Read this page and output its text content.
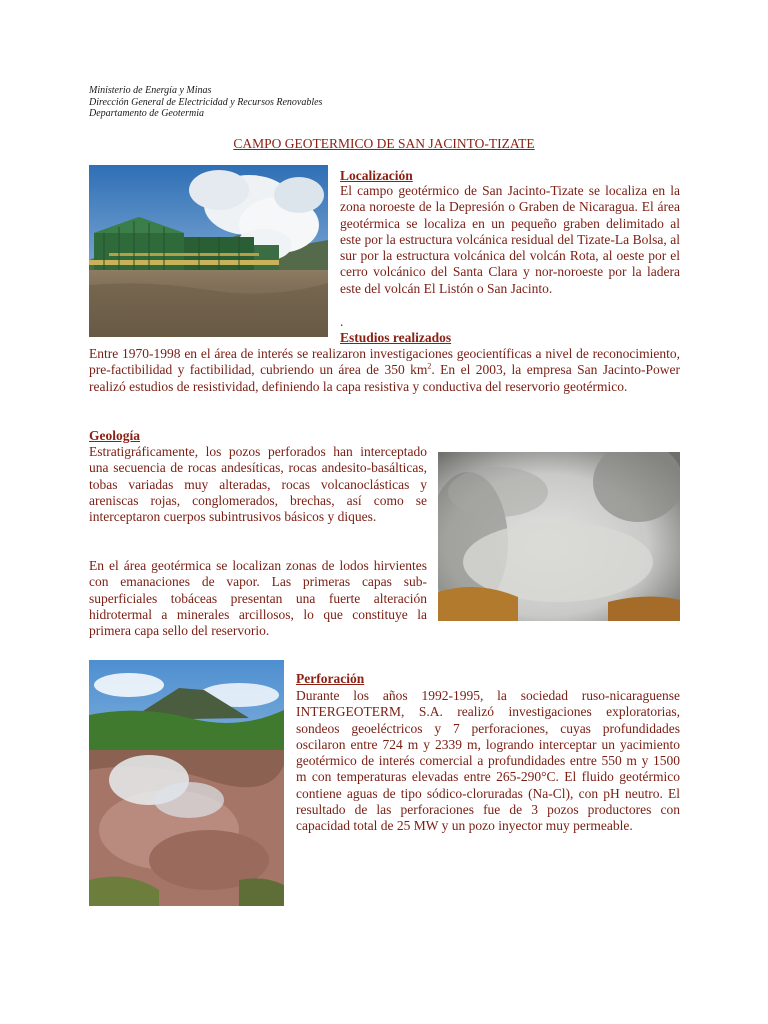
Ministerio de Energía y Minas
Dirección General de Electricidad y Recursos Renovables
Departamento de Geotermia
CAMPO GEOTERMICO DE SAN JACINTO-TIZATE
Localización
El campo geotérmico de San Jacinto-Tizate se localiza en la zona noroeste de la Depresión o Graben de Nicaragua. El área geotérmica se localiza en un pequeño graben delimitado al este por la estructura volcánica residual del Tizate-La Bolsa, al sur por la estructura volcánica del volcán Rota, al oeste por el cerro volcánico del Santa Clara y nor-noroeste por la ladera este del volcán El Listón o San Jacinto.
.
Estudios realizados
Entre 1970-1998 en el área de interés se realizaron investigaciones geocientíficas a nivel de reconocimiento, pre-factibilidad y factibilidad, cubriendo un área de 350 $km^2$. En el 2003, la empresa San Jacinto-Power realizó estudios de resistividad, definiendo la capa resistiva y conductiva del reservorio geotérmico.
Geología
Estratigráficamente, los pozos perforados han interceptado una secuencia de rocas andesíticas, rocas andesito-basálticas, tobas variadas muy alteradas, rocas volcanoclásticas y areniscas rojas, conglomerados, brechas, así como se interceptaron cuerpos subintrusivos básicos y diques.
En el área geotérmica se localizan zonas de lodos hirvientes con emanaciones de vapor. Las primeras capas sub-superficiales tobáceas presentan una fuerte alteración hidrotermal a minerales arcillosos, lo que constituye la primera capa sello del reservorio.
Perforación
Durante los años 1992-1995, la sociedad ruso-nicaraguense INTERGEOTERM, S.A. realizó investigaciones exploratorias, sondeos geoeléctricos y 7 perforaciones, cuyas profundidades oscilaron entre 724 m y 2339 m, logrando interceptar un yacimiento geotérmico de interés comercial a profundidades entre 550 m y 1500 m con temperaturas elevadas entre 265-290°C. El fluido geotérmico contiene aguas de tipo sódico-cloruradas (Na-Cl), con pH neutro. El resultado de las perforaciones fue de 3 pozos productores con capacidad total de 25 MW y un pozo inyector muy permeable.
